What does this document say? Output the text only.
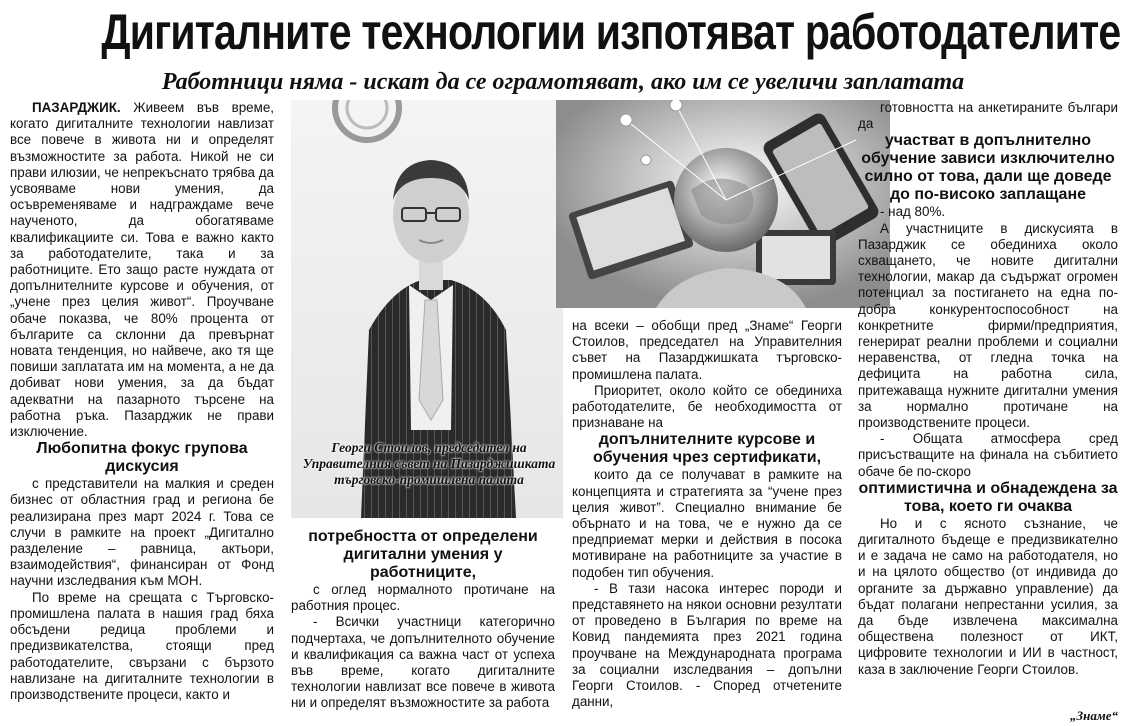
Дигиталните технологии изпотяват работодателите
Работници няма - искат да се ограмотяват, ако им се увеличи заплатата

ПАЗАРДЖИК. Живеем във време, когато дигиталните технологии навлизат все повече в живота ни и определят възможностите за работа. Никой не си прави илюзии, че непрекъснато трябва да усвояваме нови умения, да осъвременяваме и надграждаме вече наученото, да обогатяваме квалификациите си. Това е важно както за работодателите, така и за работниците. Ето защо расте нуждата от допълнителните курсове и обучения, от „учене през целия живот“. Проучване обаче показва, че 80% процента от българите са склонни да превърнат новата тенденция, но найвече, ако тя ще повиши заплатата им на момента, а не да добиват нови умения, за да бъдат адекватни на пазарното търсене на работна ръка. Пазарджик не прави изключение.

Любопитна фокус групова дискусия

с представители на малкия и среден бизнес от областния град и региона бе реализирана през март 2024 г. Това се случи в рамките на проект „Дигитално разделение – равница, актьори, взаимодействия“, финансиран от Фонд научни изследвания към МОН.

По време на срещата с Търговско-промишлена палата в нашия град бяха обсъдени редица проблеми и предизвикателства, стоящи пред работодателите, свързани с бързото навлизане на дигиталните технологии в производствените процеси, както и

Георги Стоилов, председател на Управителния съвет на Пазарджишката търговско-промишлена палата

потребността от определени дигитални умения у работниците,

с оглед нормалното протичане на работния процес.

- Всички участници категорично подчертаха, че допълнителното обучение и квалификация са важна част от успеха във време, когато дигиталните технологии навлизат все повече в живота ни и определят възможностите за работа

на всеки – обобщи пред „Знаме“ Георги Стоилов, председател на Управителния съвет на Пазарджишката търговско-промишлена палата.

Приоритет, около който се обединиха работодателите, бе необходимостта от признаване на

допълнителните курсове и обучения чрез сертификати,

които да се получават в рамките на концепцията и стратегията за “учене през целия живот”. Специално внимание бе обърнато и на това, че е нужно да се предприемат мерки и действия в посока мотивиране на работниците за участие в подобен тип обучения.

- В тази насока интерес породи и представянето на някои основни резултати от проведено в България по време на Ковид пандемията през 2021 година проучване на Международната програма за социални изследвания – допълни Георги Стоилов. - Според отчетените данни,

готовността на анкетираните българи да

участват в допълнително обучение зависи изключително силно от това, дали ще доведе до по-високо заплащане

- над 80%.

А участниците в дискусията в Пазарджик се обединиха около схващането, че новите дигитални технологии, макар да съдържат огромен потенциал за постигането на една по-добра конкурентоспособност на конкретните фирми/предприятия, генерират реални проблеми и социални неравенства, от гледна точка на дефицита на работна сила, притежаваща нужните дигитални умения за нормално протичане на производствените процеси.

- Общата атмосфера сред присъстващите на финала на събитието обаче бе по-скоро

оптимистична и обнадеждена за това, което ги очаква

Но и с ясното съзнание, че дигиталното бъдеще е предизвикателно и е задача не само на работодателя, но и на цялото общество (от индивида до органите за държавно управление) да бъдат полагани непрестанни усилия, за да бъде извлечена максимална обществена полезност от ИКТ, цифровите технологии и ИИ в частност, каза в заключение Георги Стоилов.

„Знаме“
